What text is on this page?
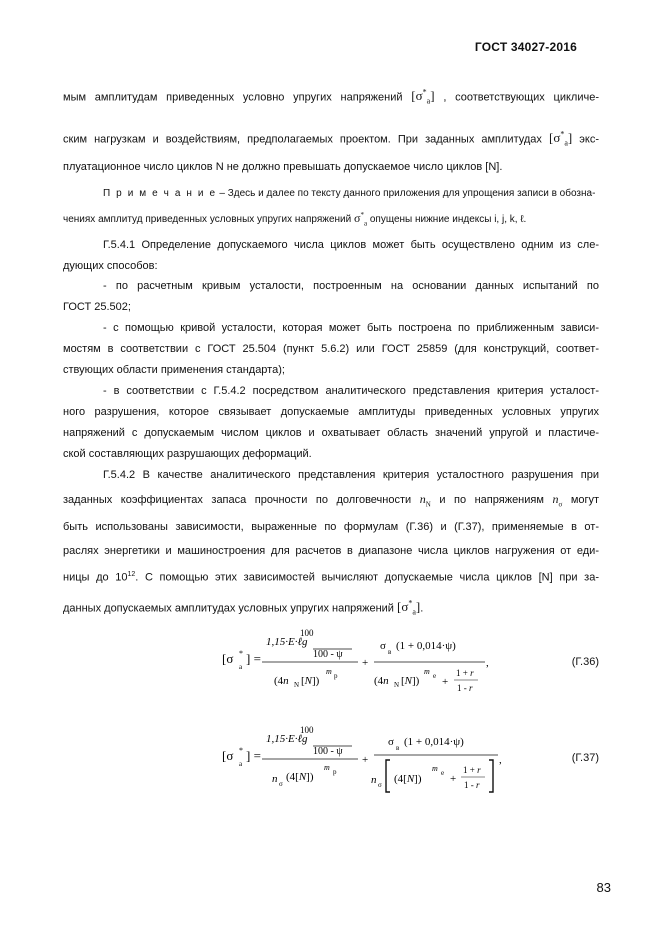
ГОСТ 34027-2016
мым амплитудам приведенных условно упругих напряжений $[\sigma^*_a]$ , соответствующих цикличе-
ским нагрузкам и воздействиям, предполагаемых проектом. При заданных амплитудах $[\sigma^*_a]$ экс-
плуатационное число циклов N не должно превышать допускаемое число циклов [N].
П р и м е ч а н и е – Здесь и далее по тексту данного приложения для упрощения записи в обозна-
чениях амплитуд приведенных условных упругих напряжений $\sigma^*_a$ опущены нижние индексы i, j, k, ℓ.
Г.5.4.1 Определение допускаемого числа циклов может быть осуществлено одним из сле-
дующих способов:
- по расчетным кривым усталости, построенным на основании данных испытаний по
ГОСТ 25.502;
- с помощью кривой усталости, которая может быть построена по приближенным зависи-
мостям в соответствии с ГОСТ 25.504 (пункт 5.6.2) или ГОСТ 25859 (для конструкций, соответ-
ствующих области применения стандарта);
- в соответствии с Г.5.4.2 посредством аналитического представления критерия усталост-
ного разрушения, которое связывает допускаемые амплитуды приведенных условных упругих
напряжений с допускаемым числом циклов и охватывает область значений упругой и пластиче-
ской составляющих разрушающих деформаций.
Г.5.4.2 В качестве аналитического представления критерия усталостного разрушения при
заданных коэффициентах запаса прочности по долговечности $n_N$ и по напряжениям $n_\sigma$ могут
быть использованы зависимости, выраженные по формулам (Г.36) и (Г.37), применяемые в от-
раслях энергетики и машиностроения для расчетов в диапазоне числа циклов нагружения от еди-
ницы до $10^{12}$. С помощью этих зависимостей вычисляют допускаемые числа циклов [N] при за-
данных допускаемых амплитудах условных упругих напряжений $[\sigma^*_a]$.
[σ *
a
] =
100
1,15·E·ℓg
100 - ψ
(4n N [N])
m p
+
σ в (1 + 0,014·ψ)
(4n N [N])
m e +
1 + r
1 - r
,	(Г.36)
[σ *
a
] =
100
1,15·E·ℓg
100 - ψ
n σ
(4[N])
m p
+
σ в (1 + 0,014·ψ)
n σ (4[N])
m e +
1 + r
1 - r
,	(Г.37)
83
